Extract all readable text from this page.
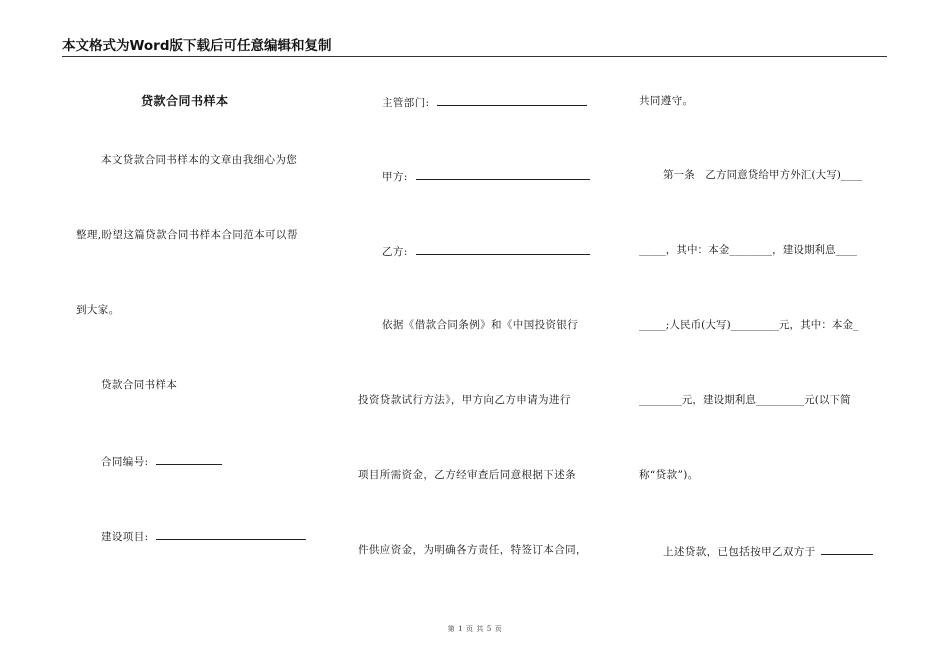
本文格式为Word版下载后可任意编辑和复制
贷款合同书样本
本文贷款合同书样本的文章由我细心为您
整理,盼望这篇贷款合同书样本合同范本可以帮
到大家。
贷款合同书样本
合同编号:
建设项目:
主管部门:
甲方:
乙方:
依据《借款合同条例》和《中国投资银行
投资贷款试行方法》，甲方向乙方申请为进行
项目所需资金，乙方经审查后同意根据下述条
件供应资金，为明确各方责任，特签订本合同，
共同遵守。
第一条　乙方同意贷给甲方外汇(大写)____
_____，其中：本金________，建设期利息____
_____;人民币(大写)_________元，其中：本金_
________元，建设期利息_________元(以下简
称“贷款”)。
上述贷款，已包括按甲乙双方于
第 1 页 共 5 页
